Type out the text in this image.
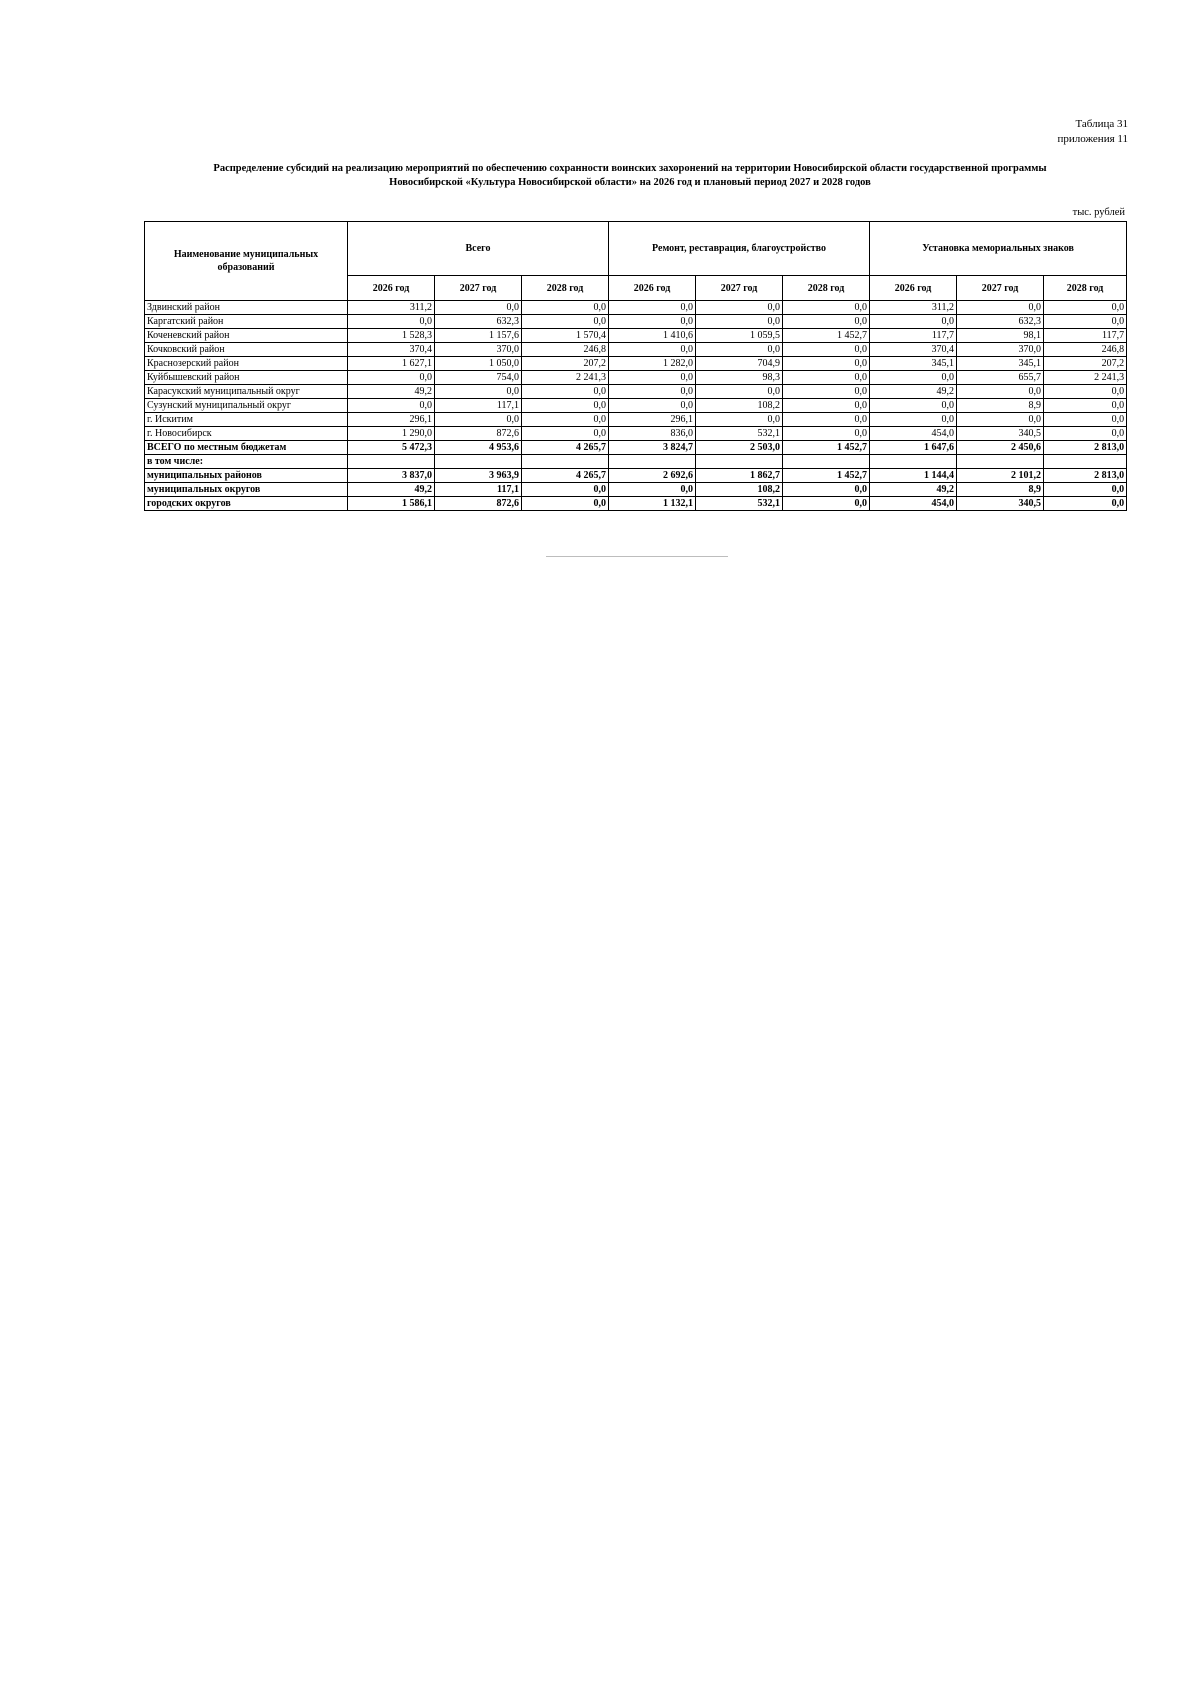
Таблица 31
приложения 11
Распределение субсидий на реализацию мероприятий по обеспечению сохранности воинских захоронений на территории Новосибирской области государственной программы
Новосибирской «Культура Новосибирской области» на 2026 год и плановый период 2027 и 2028 годов
тыс. рублей
Наименование муниципальных образований	Всего			Ремонт, реставрация, благоустройство			Установка мемориальных знаков		
	2026 год	2027 год	2028 год	2026 год	2027 год	2028 год	2026 год	2027 год	2028 год
Здвинский район	311,2	0,0	0,0	0,0	0,0	0,0	311,2	0,0	0,0
Каргатский район	0,0	632,3	0,0	0,0	0,0	0,0	0,0	632,3	0,0
Коченевский район	1 528,3	1 157,6	1 570,4	1 410,6	1 059,5	1 452,7	117,7	98,1	117,7
Кочковский район	370,4	370,0	246,8	0,0	0,0	0,0	370,4	370,0	246,8
Краснозерский район	1 627,1	1 050,0	207,2	1 282,0	704,9	0,0	345,1	345,1	207,2
Куйбышевский район	0,0	754,0	2 241,3	0,0	98,3	0,0	0,0	655,7	2 241,3
Карасукский муниципальный округ	49,2	0,0	0,0	0,0	0,0	0,0	49,2	0,0	0,0
Сузунский муниципальный округ	0,0	117,1	0,0	0,0	108,2	0,0	0,0	8,9	0,0
г. Искитим	296,1	0,0	0,0	296,1	0,0	0,0	0,0	0,0	0,0
г. Новосибирск	1 290,0	872,6	0,0	836,0	532,1	0,0	454,0	340,5	0,0
ВСЕГО по местным бюджетам	5 472,3	4 953,6	4 265,7	3 824,7	2 503,0	1 452,7	1 647,6	2 450,6	2 813,0
в том числе:									
муниципальных районов	3 837,0	3 963,9	4 265,7	2 692,6	1 862,7	1 452,7	1 144,4	2 101,2	2 813,0
муниципальных округов	49,2	117,1	0,0	0,0	108,2	0,0	49,2	8,9	0,0
городских округов	1 586,1	872,6	0,0	1 132,1	532,1	0,0	454,0	340,5	0,0
